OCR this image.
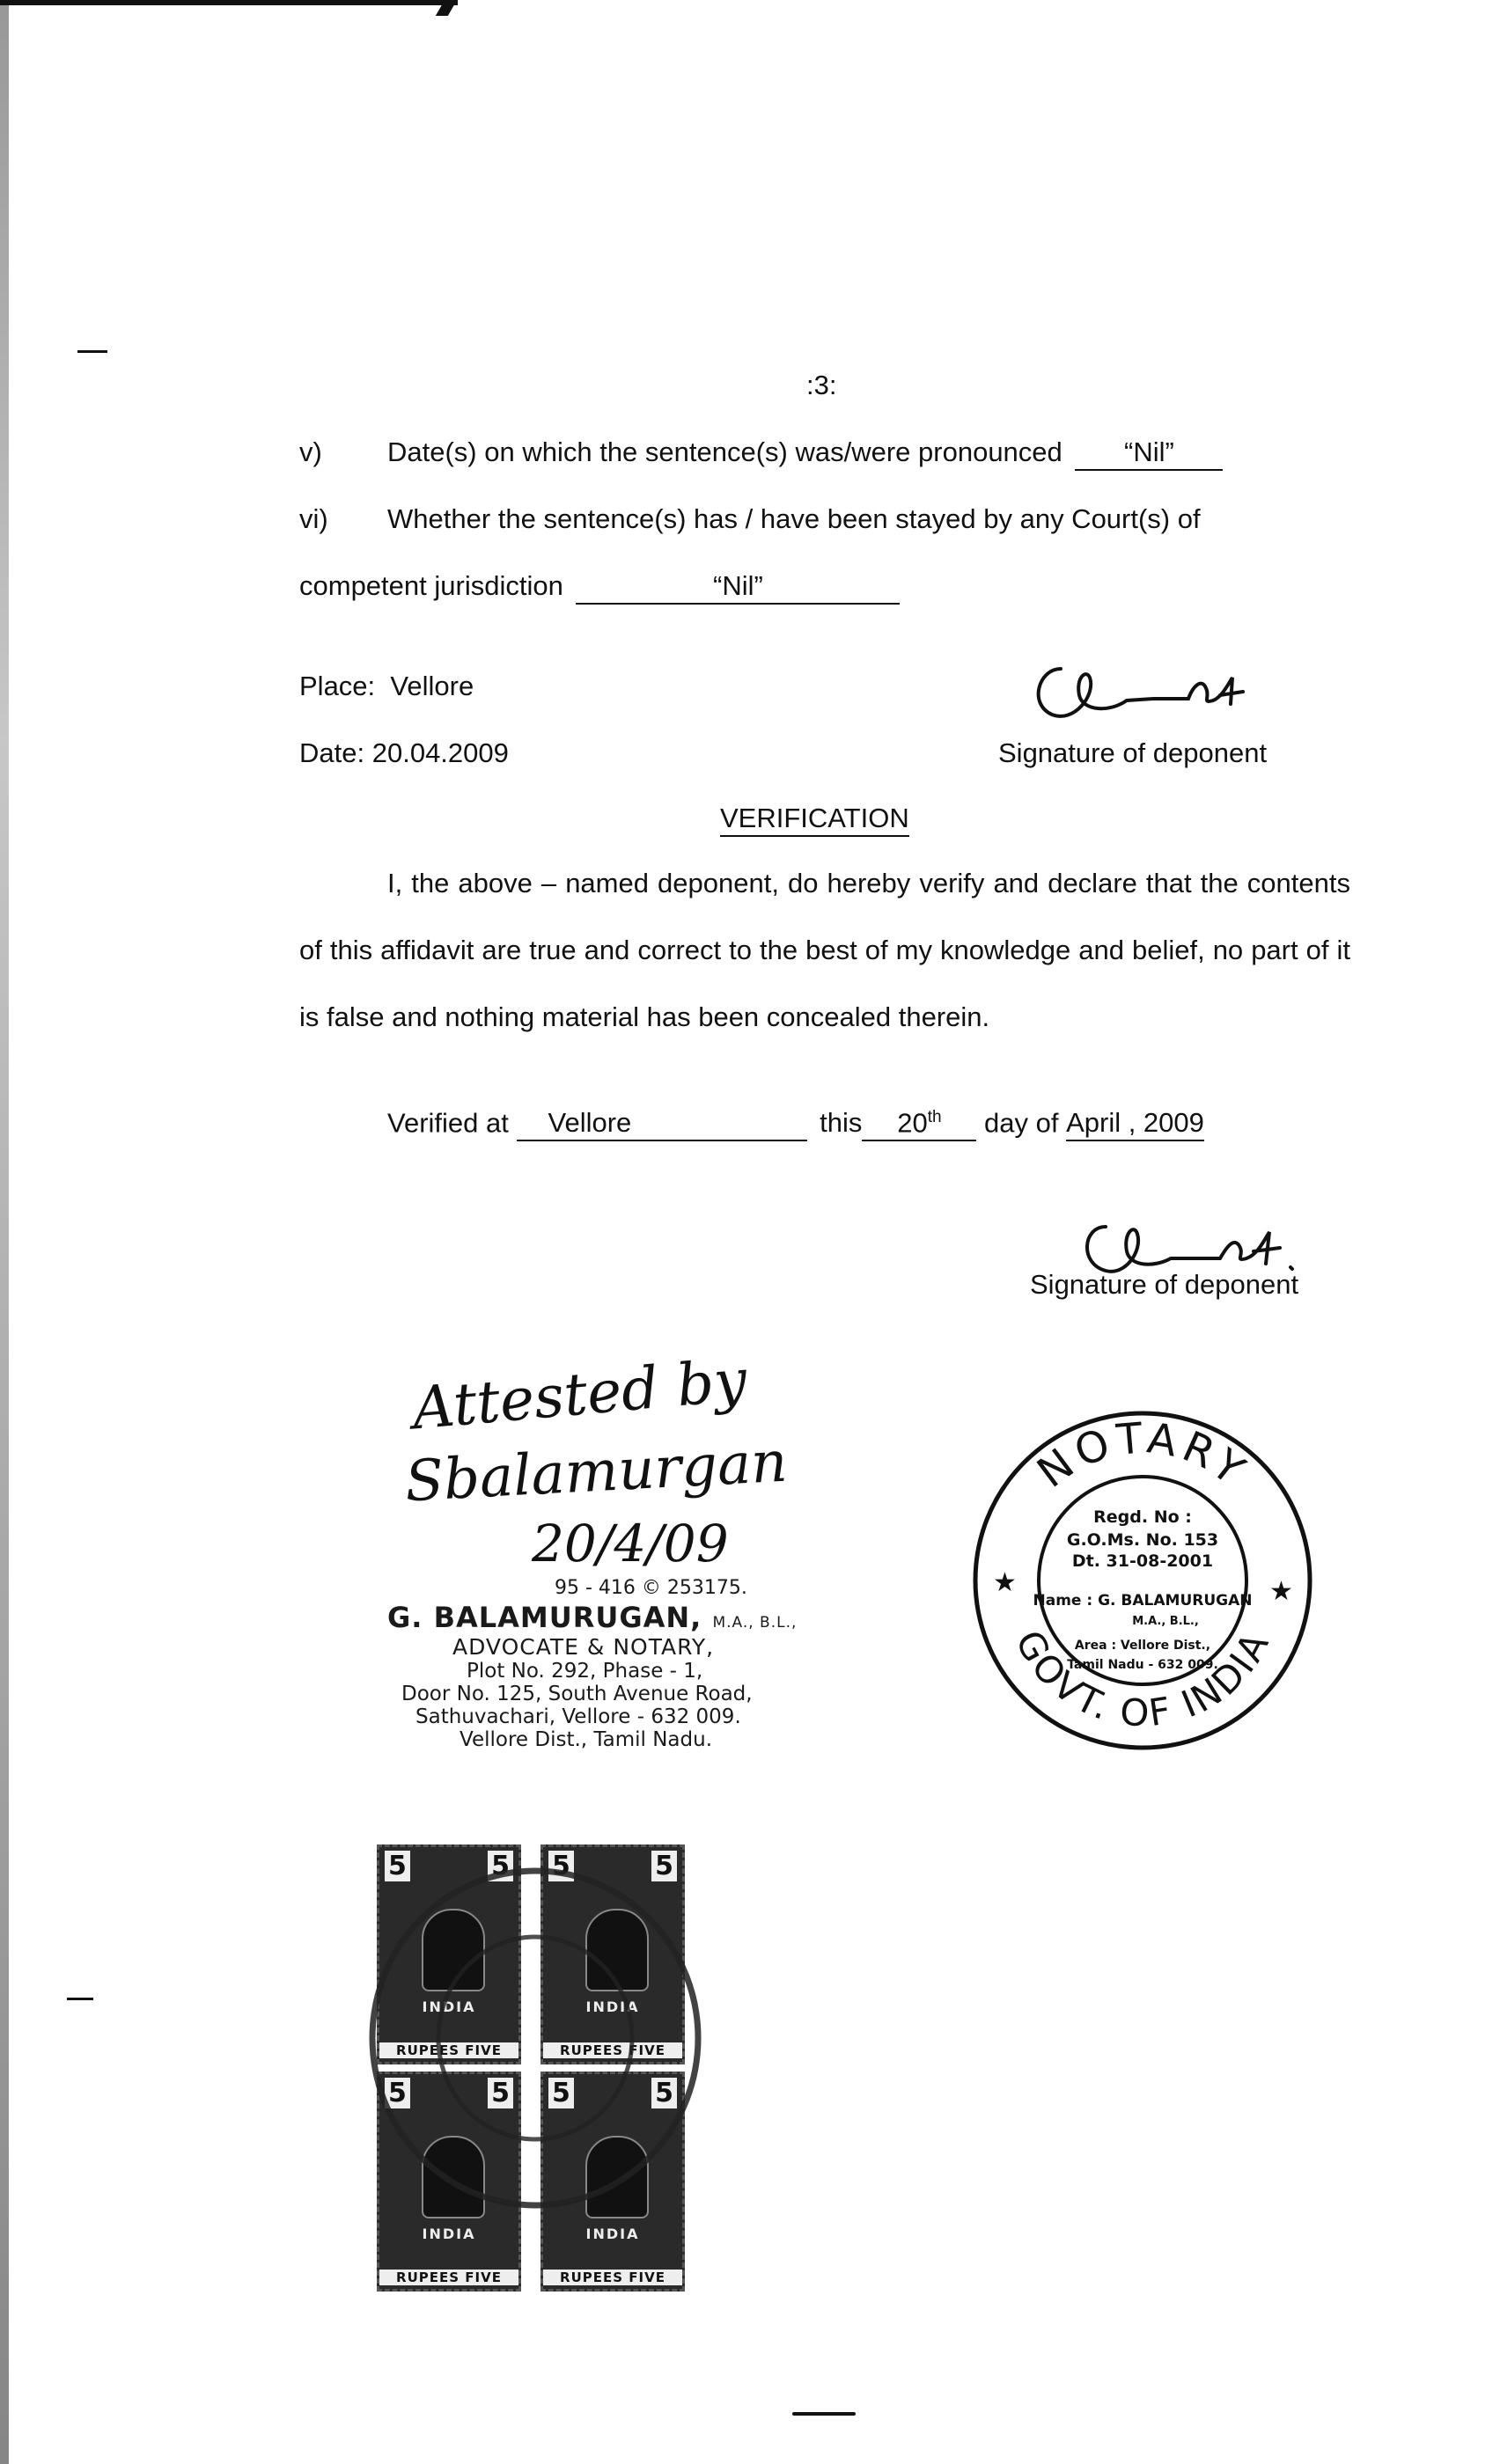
:3:
v) Date(s) on which the sentence(s) was/were pronounced “Nil”
vi) Whether the sentence(s) has / have been stayed by any Court(s) of
competent jurisdiction	“Nil”
Place: Vellore
Date: 20.04.2009	Signature of deponent
VERIFICATION
I, the above – named deponent, do hereby verify and declare that the contents of this affidavit are true and correct to the best of my knowledge and belief, no part of it is false and nothing material has been concealed therein.
Verified at Vellore	this 20th day of April , 2009
Signature of deponent
Attested by
Sbalamurgan
20/4/09
95 - 416 © 253175.
G. BALAMURUGAN, M.A., B.L.,
ADVOCATE & NOTARY,
Plot No. 292, Phase - 1,
Door No. 125, South Avenue Road,
Sathuvachari, Vellore - 632 009.
Vellore Dist., Tamil Nadu.
NOTARY
GOVT. OF INDIA
★	★
Regd. No :
G.O.Ms. No. 153
Dt. 31-08-2001
Name : G. BALAMURUGAN
M.A., B.L.,
Area : Vellore Dist.,
Tamil Nadu - 632 009.
5	5
INDIA
RUPEES FIVE
5	5
INDIA
RUPEES FIVE
5	5
INDIA
RUPEES FIVE
5	5
INDIA
RUPEES FIVE
